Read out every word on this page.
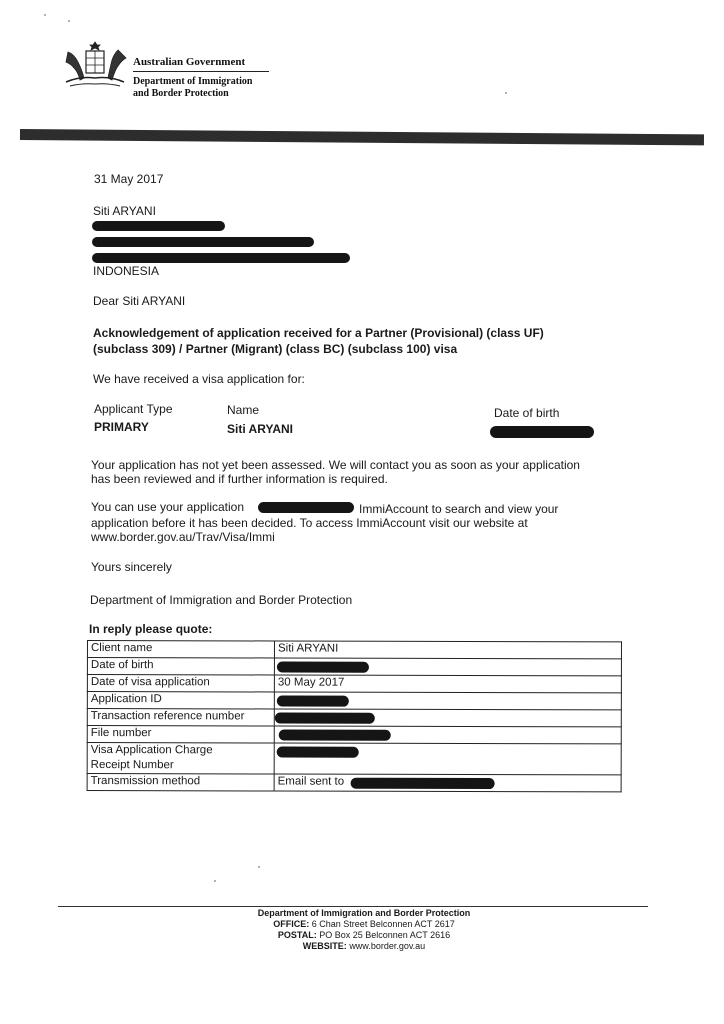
Australian Government
Department of Immigration
and Border Protection
31 May 2017
Siti ARYANI
INDONESIA
Dear Siti ARYANI
Acknowledgement of application received for a Partner (Provisional) (class UF)
(subclass 309) / Partner (Migrant) (class BC) (subclass 100) visa
We have received a visa application for:
Applicant Type	Name	Date of birth
PRIMARY	Siti ARYANI
Your application has not yet been assessed. We will contact you as soon as your application
has been reviewed and if further information is required.
You can use your application	ImmiAccount to search and view your
application before it has been decided. To access ImmiAccount visit our website at
www.border.gov.au/Trav/Visa/Immi
Yours sincerely
Department of Immigration and Border Protection
In reply please quote:
Client name	Siti ARYANI
Date of birth	

Date of visa application	30 May 2017
Application ID	

Transaction reference number	

File number	

Visa Application Charge
Receipt Number	

Transmission method	Email sent to
Department of Immigration and Border Protection
OFFICE: 6 Chan Street Belconnen ACT 2617
POSTAL: PO Box 25 Belconnen ACT 2616
WEBSITE: www.border.gov.au
